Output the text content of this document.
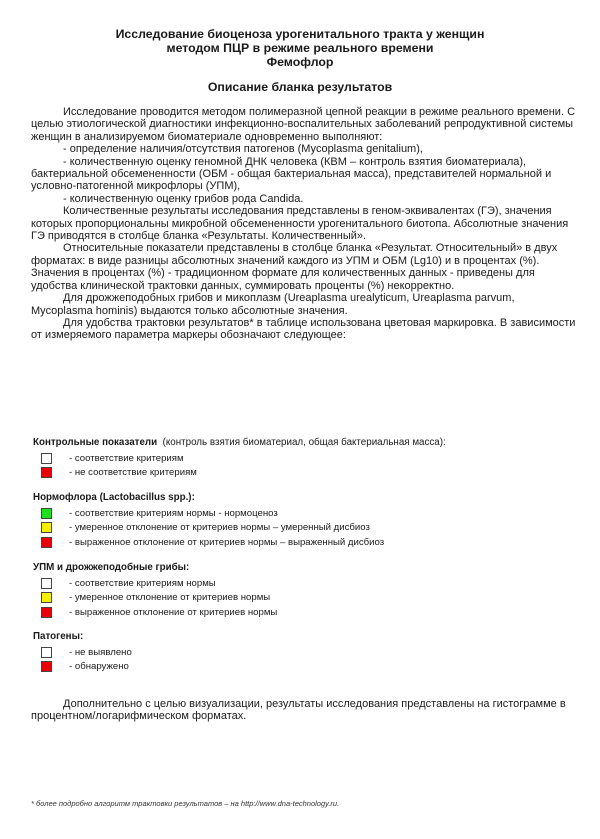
Исследование биоценоза урогенитального тракта у женщин
методом ПЦР в режиме реального времени
Фемофлор
Описание бланка результатов

Исследование проводится методом полимеразной цепной реакции в режиме реального времени. С целью этиологической диагностики инфекционно-воспалительных заболеваний репродуктивной системы женщин в анализируемом биоматериале одновременно выполняют:

- определение наличия/отсутствия патогенов (Mycoplasma genitalium),

- количественную оценку геномной ДНК человека (КВМ – контроль взятия биоматериала), бактериальной обсемененности (ОБМ - общая бактериальная масса), представителей нормальной и условно-патогенной микрофлоры (УПМ),

- количественную оценку грибов рода Candida.

Количественные результаты исследования представлены в геном-эквивалентах (ГЭ), значения которых пропорциональны микробной обсемененности урогенитального биотопа. Абсолютные значения ГЭ приводятся в столбце бланка «Результаты. Количественный».

Относительные показатели представлены в столбце бланка «Результат. Относительный» в двух форматах: в виде разницы абсолютных значений каждого из УПМ и ОБМ (Lg10) и в процентах (%). Значения в процентах (%) - традиционном формате для количественных данных - приведены для удобства клинической трактовки данных, суммировать проценты (%) некорректно.

Для дрожжеподобных грибов и микоплазм (Ureaplasma urealyticum, Ureaplasma parvum, Mycoplasma hominis) выдаются только абсолютные значения.

Для удобства трактовки результатов* в таблице использована цветовая маркировка. В зависимости от измеряемого параметра маркеры обозначают следующее:

Контрольные показатели (контроль взятия биоматериал, общая бактериальная масса):
- соответствие критериям
- не соответствие критериям
Нормофлора (Lactobacillus spp.):
- соответствие критериям нормы - нормоценоз
- умеренное отклонение от критериев нормы – умеренный дисбиоз
- выраженное отклонение от критериев нормы – выраженный дисбиоз
УПМ и дрожжеподобные грибы:
- соответствие критериям нормы
- умеренное отклонение от критериев нормы
- выраженное отклонение от критериев нормы
Патогены:
- не выявлено
- обнаружено

Дополнительно с целью визуализации, результаты исследования представлены на гистограмме в процентном/логарифмическом форматах.

* более подробно алгоритм трактовки результатов – на http://www.dna-technology.ru.
